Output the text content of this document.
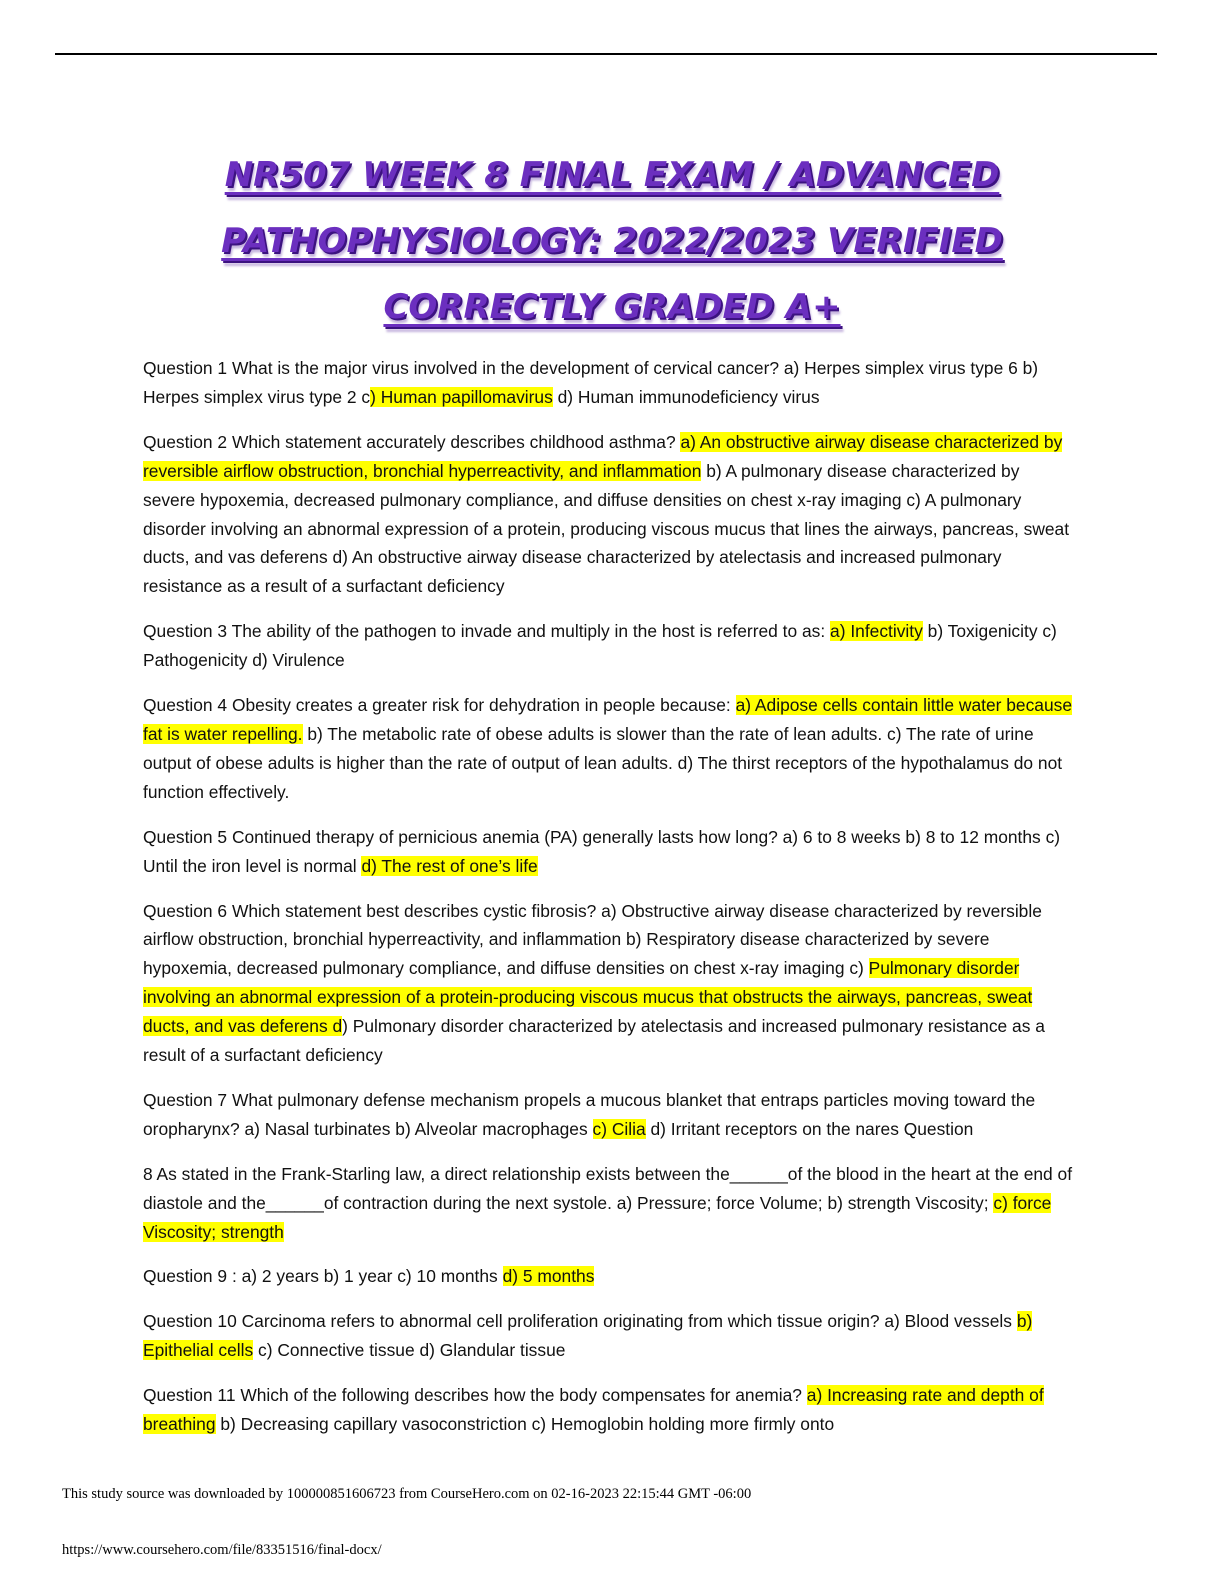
NR507 WEEK 8 FINAL EXAM / ADVANCED
PATHOPHYSIOLOGY: 2022/2023 VERIFIED
CORRECTLY GRADED A+

Question 1 What is the major virus involved in the development of cervical cancer? a) Herpes simplex virus type 6 b) Herpes simplex virus type 2 c) Human papillomavirus d) Human immunodeficiency virus

Question 2 Which statement accurately describes childhood asthma? a) An obstructive airway disease characterized by reversible airflow obstruction, bronchial hyperreactivity, and inflammation b) A pulmonary disease characterized by severe hypoxemia, decreased pulmonary compliance, and diffuse densities on chest x-ray imaging c) A pulmonary disorder involving an abnormal expression of a protein, producing viscous mucus that lines the airways, pancreas, sweat ducts, and vas deferens d) An obstructive airway disease characterized by atelectasis and increased pulmonary resistance as a result of a surfactant deficiency

Question 3 The ability of the pathogen to invade and multiply in the host is referred to as: a) Infectivity b) Toxigenicity c) Pathogenicity d) Virulence

Question 4 Obesity creates a greater risk for dehydration in people because: a) Adipose cells contain little water because fat is water repelling. b) The metabolic rate of obese adults is slower than the rate of lean adults. c) The rate of urine output of obese adults is higher than the rate of output of lean adults. d) The thirst receptors of the hypothalamus do not function effectively.

Question 5 Continued therapy of pernicious anemia (PA) generally lasts how long? a) 6 to 8 weeks b) 8 to 12 months c) Until the iron level is normal d) The rest of one’s life

Question 6 Which statement best describes cystic fibrosis? a) Obstructive airway disease characterized by reversible airflow obstruction, bronchial hyperreactivity, and inflammation b) Respiratory disease characterized by severe hypoxemia, decreased pulmonary compliance, and diffuse densities on chest x-ray imaging c) Pulmonary disorder involving an abnormal expression of a protein-producing viscous mucus that obstructs the airways, pancreas, sweat ducts, and vas deferens d) Pulmonary disorder characterized by atelectasis and increased pulmonary resistance as a result of a surfactant deficiency

Question 7 What pulmonary defense mechanism propels a mucous blanket that entraps particles moving toward the oropharynx? a) Nasal turbinates b) Alveolar macrophages c) Cilia d) Irritant receptors on the nares Question

8 As stated in the Frank-Starling law, a direct relationship exists between the______of the blood in the heart at the end of diastole and the______of contraction during the next systole. a) Pressure; force Volume; b) strength Viscosity; c) force Viscosity; strength

Question 9 : a) 2 years b) 1 year c) 10 months d) 5 months

Question 10 Carcinoma refers to abnormal cell proliferation originating from which tissue origin? a) Blood vessels b) Epithelial cells c) Connective tissue d) Glandular tissue

Question 11 Which of the following describes how the body compensates for anemia? a) Increasing rate and depth of breathing b) Decreasing capillary vasoconstriction c) Hemoglobin holding more firmly onto

This study source was downloaded by 100000851606723 from CourseHero.com on 02-16-2023 22:15:44 GMT -06:00
https://www.coursehero.com/file/83351516/final-docx/
